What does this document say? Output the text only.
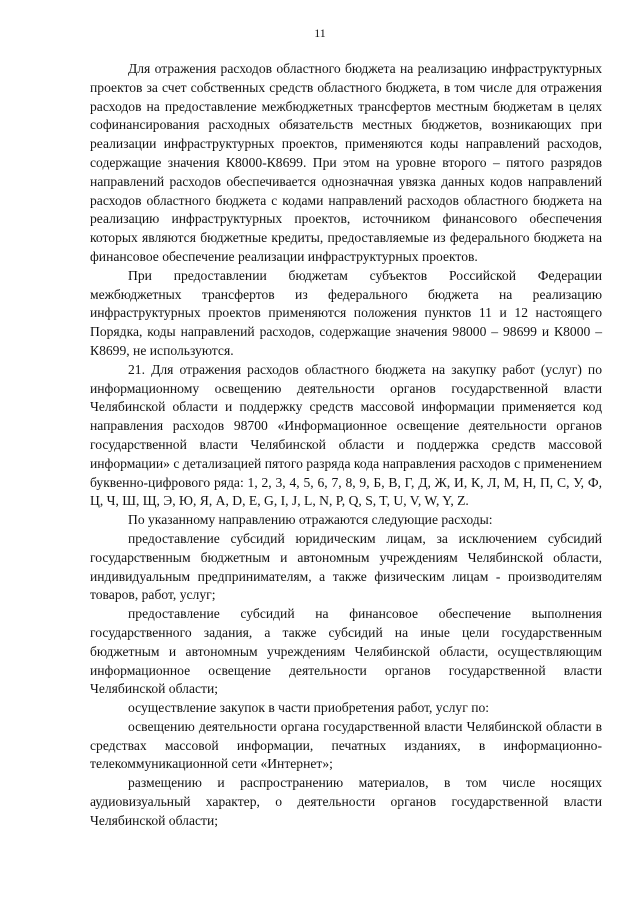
11

Для отражения расходов областного бюджета на реализацию инфраструктурных проектов за счет собственных средств областного бюджета, в том числе для отражения расходов на предоставление межбюджетных трансфертов местным бюджетам в целях софинансирования расходных обязательств местных бюджетов, возникающих при реализации инфраструктурных проектов, применяются коды направлений расходов, содержащие значения К8000-К8699. При этом на уровне второго – пятого разрядов направлений расходов обеспечивается однозначная увязка данных кодов направлений расходов областного бюджета с кодами направлений расходов областного бюджета на реализацию инфраструктурных проектов, источником финансового обеспечения которых являются бюджетные кредиты, предоставляемые из федерального бюджета на финансовое обеспечение реализации инфраструктурных проектов.

При предоставлении бюджетам субъектов Российской Федерации межбюджетных трансфертов из федерального бюджета на реализацию инфраструктурных проектов применяются положения пунктов 11 и 12 настоящего Порядка, коды направлений расходов, содержащие значения 98000 – 98699 и К8000 – К8699, не используются.

21. Для отражения расходов областного бюджета на закупку работ (услуг) по информационному освещению деятельности органов государственной власти Челябинской области и поддержку средств массовой информации применяется код направления расходов 98700 «Информационное освещение деятельности органов государственной власти Челябинской области и поддержка средств массовой информации» с детализацией пятого разряда кода направления расходов с применением буквенно-цифрового ряда: 1, 2, 3, 4, 5, 6, 7, 8, 9, Б, В, Г, Д, Ж, И, К, Л, М, Н, П, С, У, Ф, Ц, Ч, Ш, Щ, Э, Ю, Я, A, D, E, G, I, J, L, N, P, Q, S, T, U, V, W, Y, Z.

По указанному направлению отражаются следующие расходы:

предоставление субсидий юридическим лицам, за исключением субсидий государственным бюджетным и автономным учреждениям Челябинской области, индивидуальным предпринимателям, а также физическим лицам - производителям товаров, работ, услуг;

предоставление субсидий на финансовое обеспечение выполнения государственного задания, а также субсидий на иные цели государственным бюджетным и автономным учреждениям Челябинской области, осуществляющим информационное освещение деятельности органов государственной власти Челябинской области;

осуществление закупок в части приобретения работ, услуг по:

освещению деятельности органа государственной власти Челябинской области в средствах массовой информации, печатных изданиях, в информационно-телекоммуникационной сети «Интернет»;

размещению и распространению материалов, в том числе носящих аудиовизуальный характер, о деятельности органов государственной власти Челябинской области;
